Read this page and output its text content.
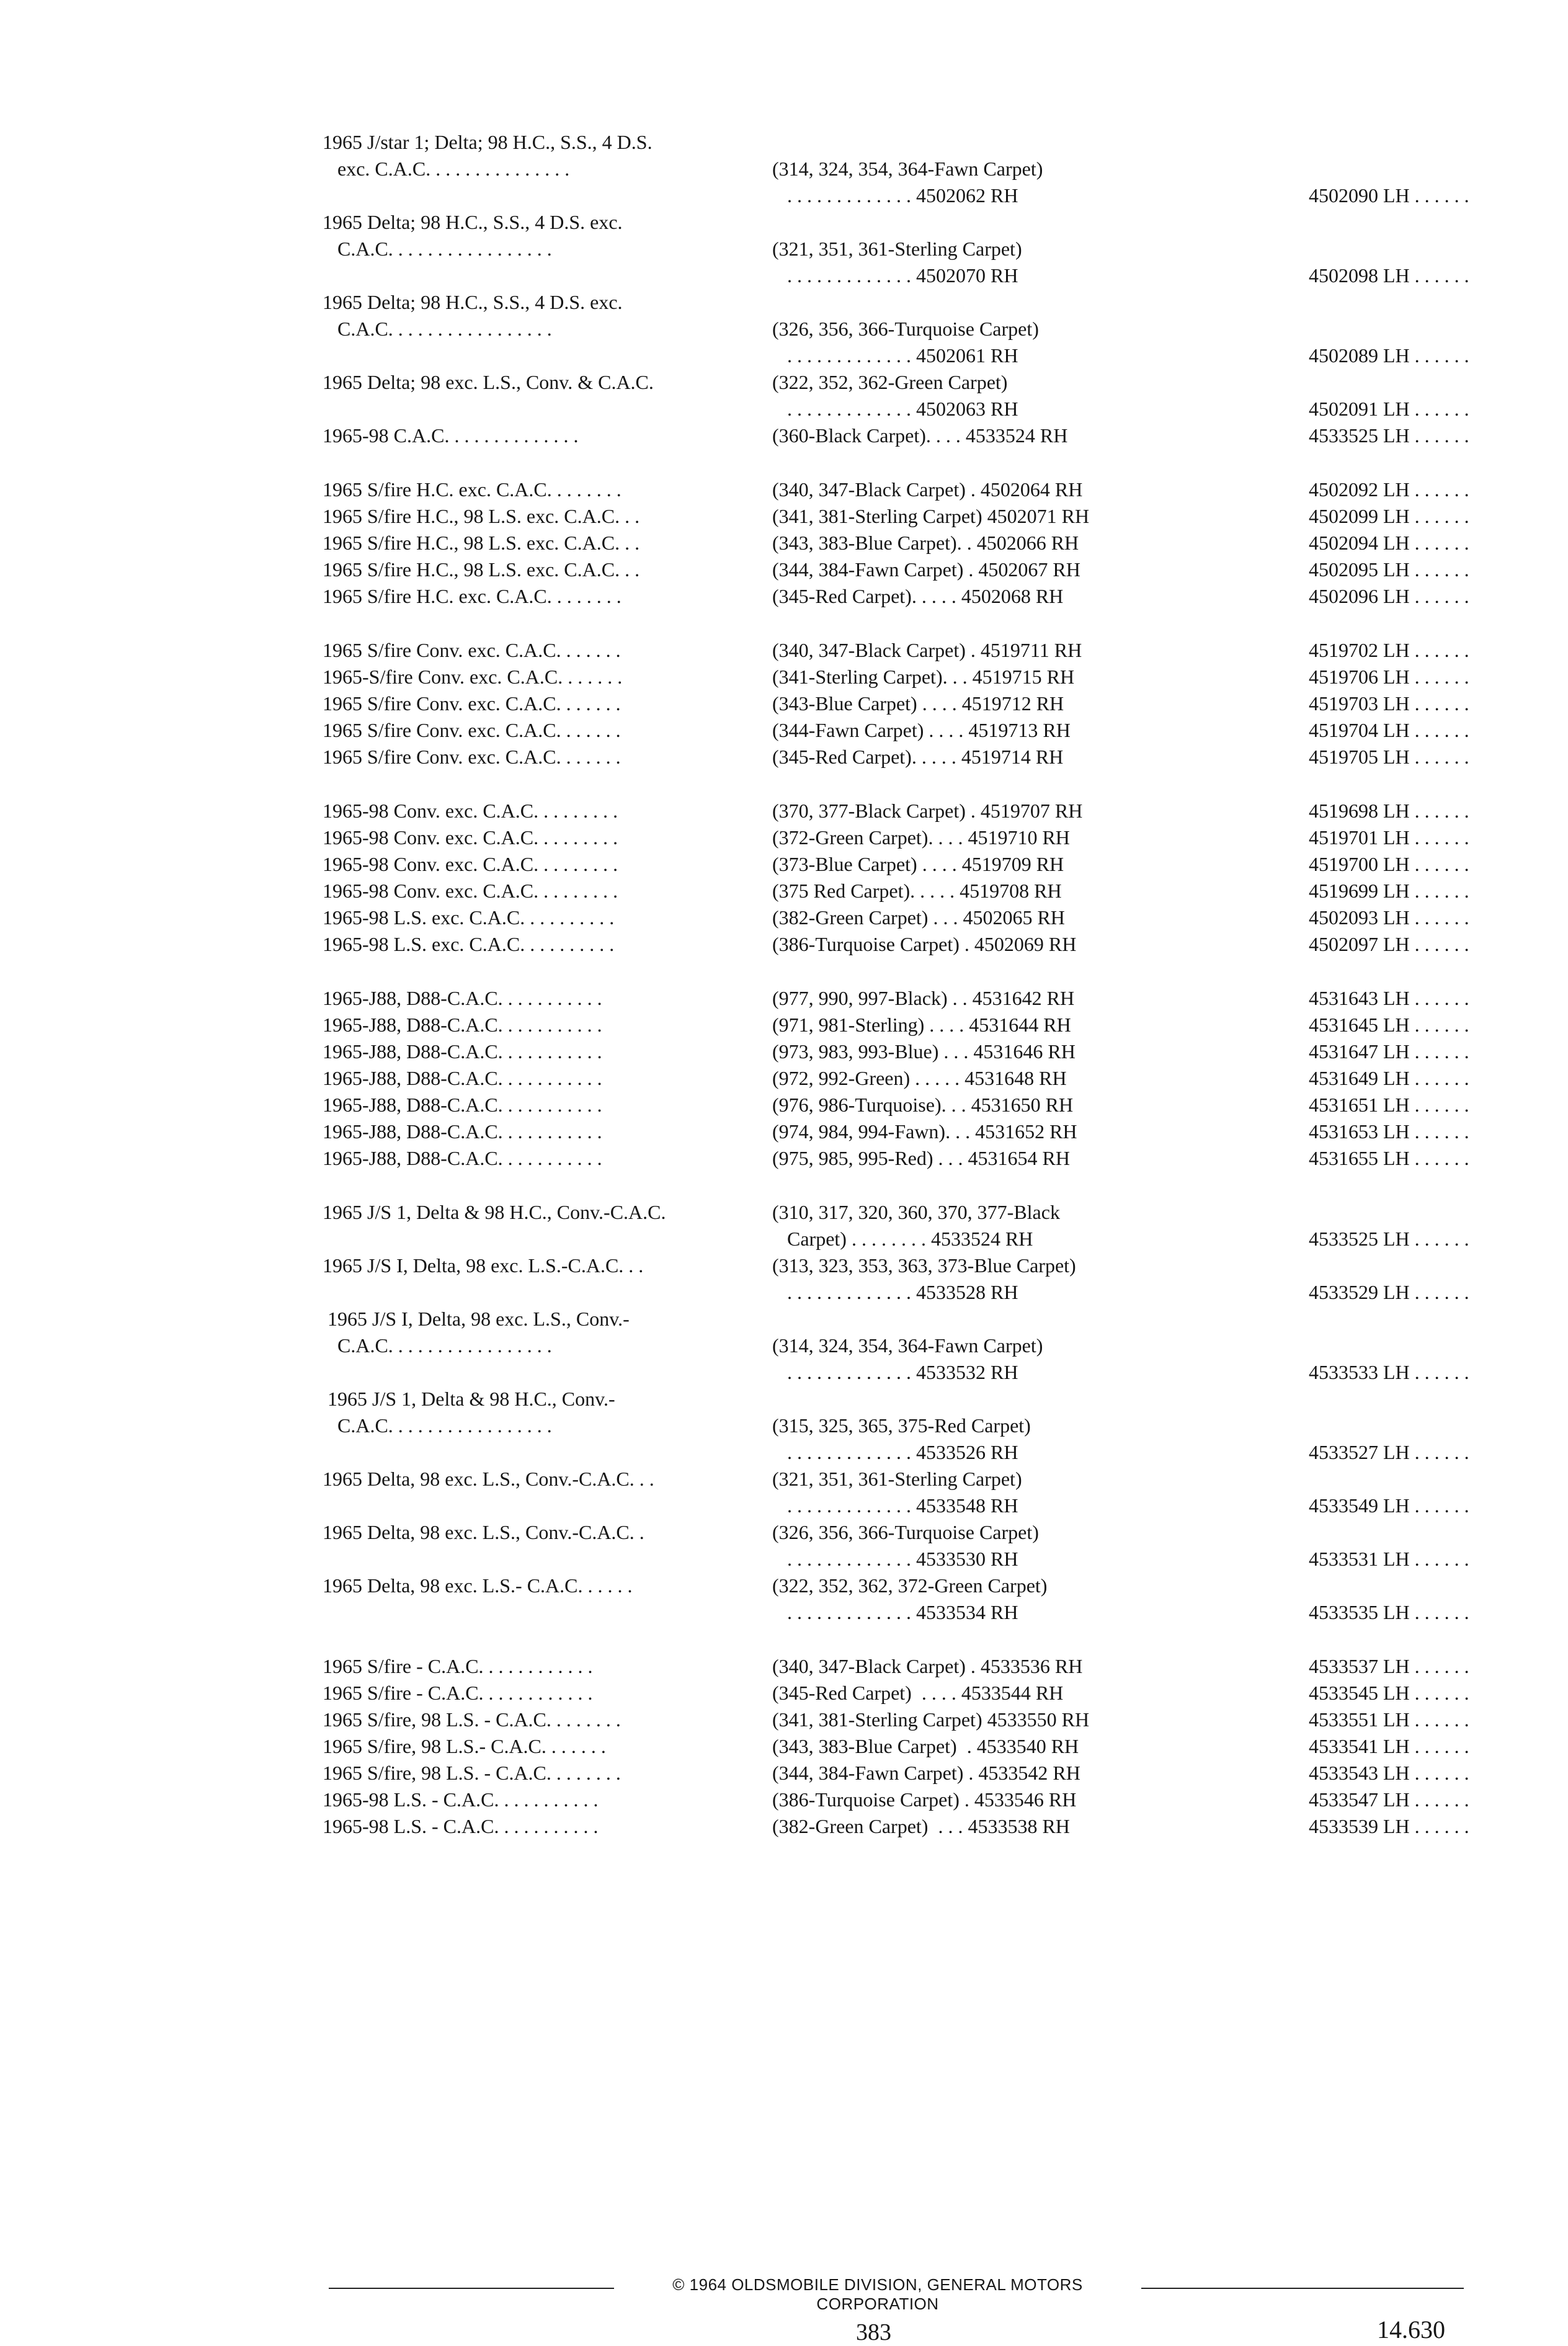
1965 J/star 1; Delta; 98 H.C., S.S., 4 D.S.
exc. C.A.C. . . . . . . . . . . . . . .	(314, 324, 354, 364-Fawn Carpet)
. . . . . . . . . . . . . 4502062 RH	4502090 LH . . . . . .
1965 Delta; 98 H.C., S.S., 4 D.S. exc.
C.A.C. . . . . . . . . . . . . . . . .	(321, 351, 361-Sterling Carpet)
. . . . . . . . . . . . . 4502070 RH	4502098 LH . . . . . .
1965 Delta; 98 H.C., S.S., 4 D.S. exc.
C.A.C. . . . . . . . . . . . . . . . .	(326, 356, 366-Turquoise Carpet)
. . . . . . . . . . . . . 4502061 RH	4502089 LH . . . . . .
1965 Delta; 98 exc. L.S., Conv. & C.A.C.	(322, 352, 362-Green Carpet)
. . . . . . . . . . . . . 4502063 RH	4502091 LH . . . . . .
1965-98 C.A.C. . . . . . . . . . . . . .	(360-Black Carpet). . . . 4533524 RH	4533525 LH . . . . . .
1965 S/fire H.C. exc. C.A.C. . . . . . . .	(340, 347-Black Carpet) . 4502064 RH	4502092 LH . . . . . .
1965 S/fire H.C., 98 L.S. exc. C.A.C. . .	(341, 381-Sterling Carpet) 4502071 RH	4502099 LH . . . . . .
1965 S/fire H.C., 98 L.S. exc. C.A.C. . .	(343, 383-Blue Carpet). . 4502066 RH	4502094 LH . . . . . .
1965 S/fire H.C., 98 L.S. exc. C.A.C. . .	(344, 384-Fawn Carpet) . 4502067 RH	4502095 LH . . . . . .
1965 S/fire H.C. exc. C.A.C. . . . . . . .	(345-Red Carpet). . . . . 4502068 RH	4502096 LH . . . . . .
1965 S/fire Conv. exc. C.A.C. . . . . . .	(340, 347-Black Carpet) . 4519711 RH	4519702 LH . . . . . .
1965-S/fire Conv. exc. C.A.C. . . . . . .	(341-Sterling Carpet). . . 4519715 RH	4519706 LH . . . . . .
1965 S/fire Conv. exc. C.A.C. . . . . . .	(343-Blue Carpet) . . . . 4519712 RH	4519703 LH . . . . . .
1965 S/fire Conv. exc. C.A.C. . . . . . .	(344-Fawn Carpet) . . . . 4519713 RH	4519704 LH . . . . . .
1965 S/fire Conv. exc. C.A.C. . . . . . .	(345-Red Carpet). . . . . 4519714 RH	4519705 LH . . . . . .
1965-98 Conv. exc. C.A.C. . . . . . . . .	(370, 377-Black Carpet) . 4519707 RH	4519698 LH . . . . . .
1965-98 Conv. exc. C.A.C. . . . . . . . .	(372-Green Carpet). . . . 4519710 RH	4519701 LH . . . . . .
1965-98 Conv. exc. C.A.C. . . . . . . . .	(373-Blue Carpet) . . . . 4519709 RH	4519700 LH . . . . . .
1965-98 Conv. exc. C.A.C. . . . . . . . .	(375 Red Carpet). . . . . 4519708 RH	4519699 LH . . . . . .
1965-98 L.S. exc. C.A.C. . . . . . . . . .	(382-Green Carpet) . . . 4502065 RH	4502093 LH . . . . . .
1965-98 L.S. exc. C.A.C. . . . . . . . . .	(386-Turquoise Carpet) . 4502069 RH	4502097 LH . . . . . .
1965-J88, D88-C.A.C. . . . . . . . . . .	(977, 990, 997-Black) . . 4531642 RH	4531643 LH . . . . . .
1965-J88, D88-C.A.C. . . . . . . . . . .	(971, 981-Sterling) . . . . 4531644 RH	4531645 LH . . . . . .
1965-J88, D88-C.A.C. . . . . . . . . . .	(973, 983, 993-Blue) . . . 4531646 RH	4531647 LH . . . . . .
1965-J88, D88-C.A.C. . . . . . . . . . .	(972, 992-Green) . . . . . 4531648 RH	4531649 LH . . . . . .
1965-J88, D88-C.A.C. . . . . . . . . . .	(976, 986-Turquoise). . . 4531650 RH	4531651 LH . . . . . .
1965-J88, D88-C.A.C. . . . . . . . . . .	(974, 984, 994-Fawn). . . 4531652 RH	4531653 LH . . . . . .
1965-J88, D88-C.A.C. . . . . . . . . . .	(975, 985, 995-Red) . . . 4531654 RH	4531655 LH . . . . . .
1965 J/S 1, Delta & 98 H.C., Conv.-C.A.C.	(310, 317, 320, 360, 370, 377-Black
Carpet) . . . . . . . . 4533524 RH	4533525 LH . . . . . .
1965 J/S I, Delta, 98 exc. L.S.-C.A.C. . .	(313, 323, 353, 363, 373-Blue Carpet)
. . . . . . . . . . . . . 4533528 RH	4533529 LH . . . . . .
1965 J/S I, Delta, 98 exc. L.S., Conv.-
C.A.C. . . . . . . . . . . . . . . . .	(314, 324, 354, 364-Fawn Carpet)
. . . . . . . . . . . . . 4533532 RH	4533533 LH . . . . . .
1965 J/S 1, Delta & 98 H.C., Conv.-
C.A.C. . . . . . . . . . . . . . . . .	(315, 325, 365, 375-Red Carpet)
. . . . . . . . . . . . . 4533526 RH	4533527 LH . . . . . .
1965 Delta, 98 exc. L.S., Conv.-C.A.C. . .	(321, 351, 361-Sterling Carpet)
. . . . . . . . . . . . . 4533548 RH	4533549 LH . . . . . .
1965 Delta, 98 exc. L.S., Conv.-C.A.C. .	(326, 356, 366-Turquoise Carpet)
. . . . . . . . . . . . . 4533530 RH	4533531 LH . . . . . .
1965 Delta, 98 exc. L.S.- C.A.C. . . . . .	(322, 352, 362, 372-Green Carpet)
. . . . . . . . . . . . . 4533534 RH	4533535 LH . . . . . .
1965 S/fire - C.A.C. . . . . . . . . . . .	(340, 347-Black Carpet) . 4533536 RH	4533537 LH . . . . . .
1965 S/fire - C.A.C. . . . . . . . . . . .	(345-Red Carpet)  . . . . 4533544 RH	4533545 LH . . . . . .
1965 S/fire, 98 L.S. - C.A.C. . . . . . . .	(341, 381-Sterling Carpet) 4533550 RH	4533551 LH . . . . . .
1965 S/fire, 98 L.S.- C.A.C. . . . . . .	(343, 383-Blue Carpet)  . 4533540 RH	4533541 LH . . . . . .
1965 S/fire, 98 L.S. - C.A.C. . . . . . . .	(344, 384-Fawn Carpet) . 4533542 RH	4533543 LH . . . . . .
1965-98 L.S. - C.A.C. . . . . . . . . . .	(386-Turquoise Carpet) . 4533546 RH	4533547 LH . . . . . .
1965-98 L.S. - C.A.C. . . . . . . . . . .	(382-Green Carpet)  . . . 4533538 RH	4533539 LH . . . . . .
© 1964 OLDSMOBILE DIVISION, GENERAL MOTORS CORPORATION
383	14.630
